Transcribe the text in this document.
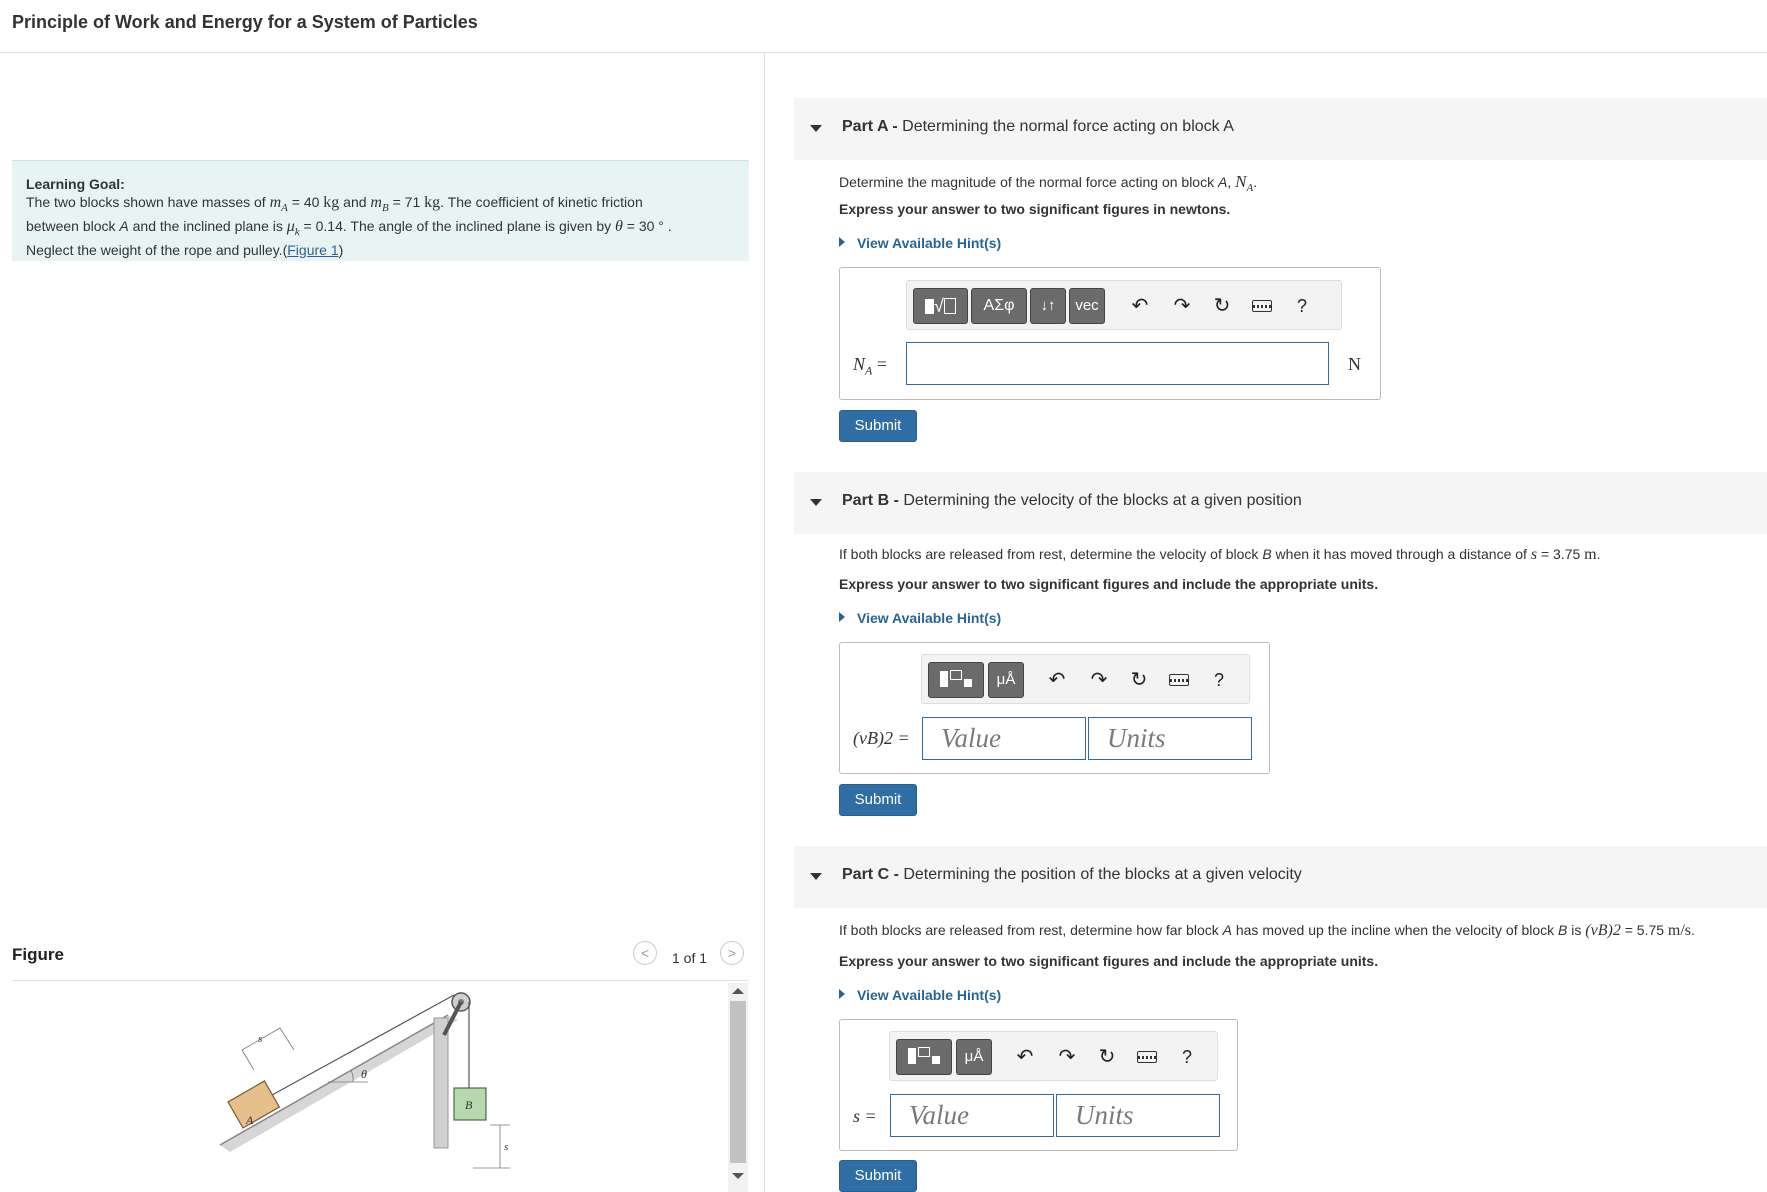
Principle of Work and Energy for a System of Particles
Learning Goal:
The two blocks shown have masses of $m_A = 40$ kg and $m_B = 71$ kg. The coefficient of kinetic friction
between block A and the inclined plane is $\mu_k = 0.14$. The angle of the inclined plane is given by θ = 30 ° .
Neglect the weight of the rope and pulley.(Figure 1)
Figure	<	1 of 1	>
A
B
θ
s
s
Part A - Determining the normal force acting on block A
Determine the magnitude of the normal force acting on block A, $N_A$.
Express your answer to two significant figures in newtons.
View Available Hint(s)
√	ΑΣφ	↓↑	vec	↶ ↷ ↻	?
$N_A$ =	N
Submit
Part B - Determining the velocity of the blocks at a given position
If both blocks are released from rest, determine the velocity of block B when it has moved through a distance of s = 3.75 m.
Express your answer to two significant figures and include the appropriate units.
View Available Hint(s)
μÅ	↶ ↷ ↻	?
(vB)2 =	Value	Units
Submit
Part C - Determining the position of the blocks at a given velocity
If both blocks are released from rest, determine how far block A has moved up the incline when the velocity of block B is (vB)2 = 5.75 m/s.
Express your answer to two significant figures and include the appropriate units.
View Available Hint(s)
μÅ	↶ ↷ ↻	?
s =	Value	Units
Submit
